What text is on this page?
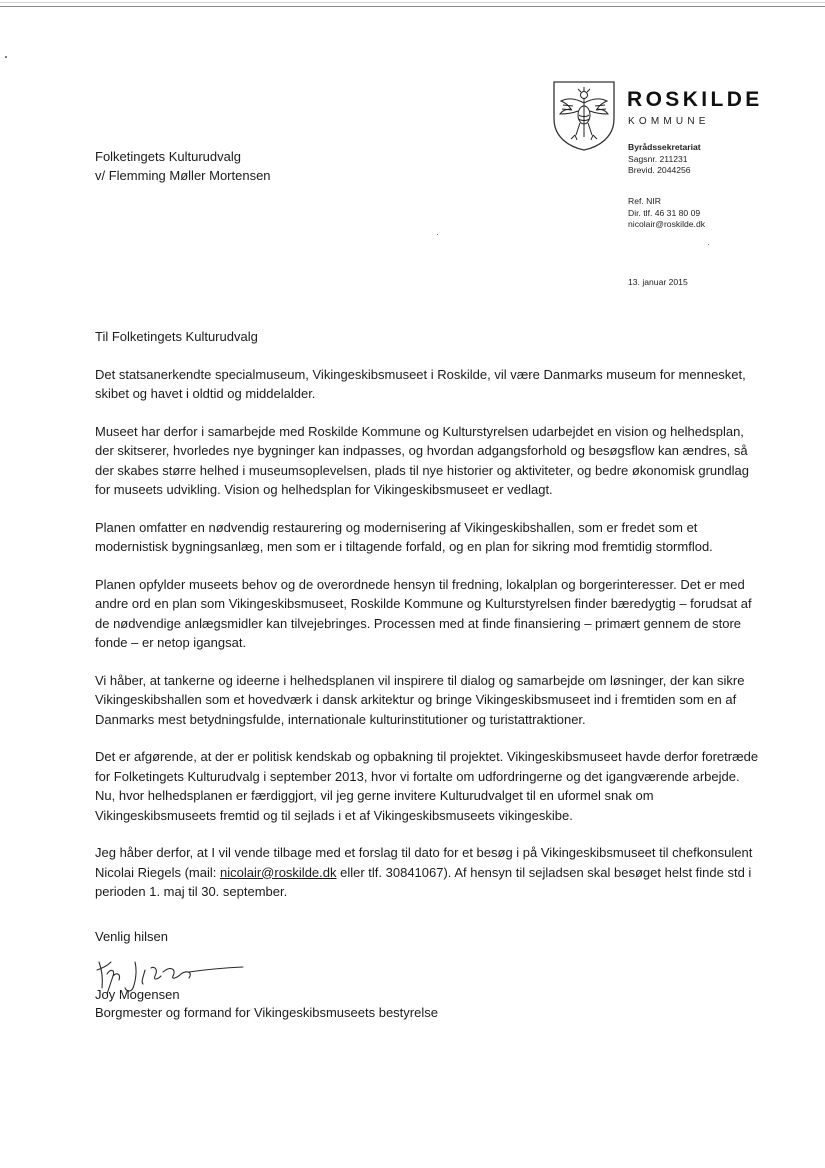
ROSKILDE
KOMMUNE
Byrådssekretariat
Sagsnr. 211231
Brevid. 2044256
Ref. NIR
Dir. tlf. 46 31 80 09
nicolair@roskilde.dk
13. januar 2015
Folketingets Kulturudvalg
v/ Flemming Møller Mortensen
Til Folketingets Kulturudvalg
Det statsanerkendte specialmuseum, Vikingeskibsmuseet i Roskilde, vil være Danmarks museum for mennesket,
skibet og havet i oldtid og middelalder.
Museet har derfor i samarbejde med Roskilde Kommune og Kulturstyrelsen udarbejdet en vision og helhedsplan,
der skitserer, hvorledes nye bygninger kan indpasses, og hvordan adgangsforhold og besøgsflow kan ændres, så
der skabes større helhed i museumsoplevelsen, plads til nye historier og aktiviteter, og bedre økonomisk grundlag
for museets udvikling. Vision og helhedsplan for Vikingeskibsmuseet er vedlagt.
Planen omfatter en nødvendig restaurering og modernisering af Vikingeskibshallen, som er fredet som et
modernistisk bygningsanlæg, men som er i tiltagende forfald, og en plan for sikring mod fremtidig stormflod.
Planen opfylder museets behov og de overordnede hensyn til fredning, lokalplan og borgerinteresser. Det er med
andre ord en plan som Vikingeskibsmuseet, Roskilde Kommune og Kulturstyrelsen finder bæredygtig – forudsat af
de nødvendige anlægsmidler kan tilvejebringes. Processen med at finde finansiering – primært gennem de store
fonde – er netop igangsat.
Vi håber, at tankerne og ideerne i helhedsplanen vil inspirere til dialog og samarbejde om løsninger, der kan sikre
Vikingeskibshallen som et hovedværk i dansk arkitektur og bringe Vikingeskibsmuseet ind i fremtiden som en af
Danmarks mest betydningsfulde, internationale kulturinstitutioner og turistattraktioner.
Det er afgørende, at der er politisk kendskab og opbakning til projektet. Vikingeskibsmuseet havde derfor foretræde
for Folketingets Kulturudvalg i september 2013, hvor vi fortalte om udfordringerne og det igangværende arbejde.
Nu, hvor helhedsplanen er færdiggjort, vil jeg gerne invitere Kulturudvalget til en uformel snak om
Vikingeskibsmuseets fremtid og til sejlads i et af Vikingeskibsmuseets vikingeskibe.
Jeg håber derfor, at I vil vende tilbage med et forslag til dato for et besøg i på Vikingeskibsmuseet til chefkonsulent
Nicolai Riegels (mail: nicolair@roskilde.dk eller tlf. 30841067). Af hensyn til sejladsen skal besøget helst finde std i
perioden 1. maj til 30. september.
Venlig hilsen
Joy Mogensen
Borgmester og formand for Vikingeskibsmuseets bestyrelse
